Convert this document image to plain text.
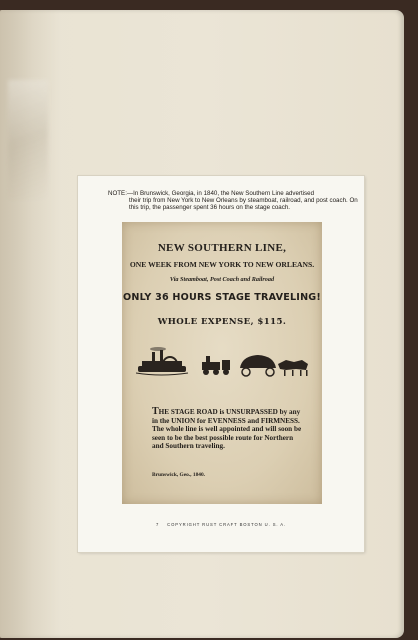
NOTE:—In Brunswick, Georgia, in 1840, the New Southern Line advertised
their trip from New York to New Orleans by steamboat, railroad, and post coach. On this trip, the passenger spent 36 hours on the stage coach.
NEW SOUTHERN LINE,
ONE WEEK FROM NEW YORK TO NEW ORLEANS.
Via Steamboat, Post Coach and Railroad
ONLY 36 HOURS STAGE TRAVELING!
WHOLE EXPENSE, $115.
THE STAGE ROAD is UNSURPASSED by any in the UNION for EVENNESS and FIRMNESS. The whole line is well appointed and will soon be seen to be the best possible route for Northern and Southern traveling.
Brunswick, Geo., 1840.
7 COPYRIGHT RUST CRAFT BOSTON U. S. A.
